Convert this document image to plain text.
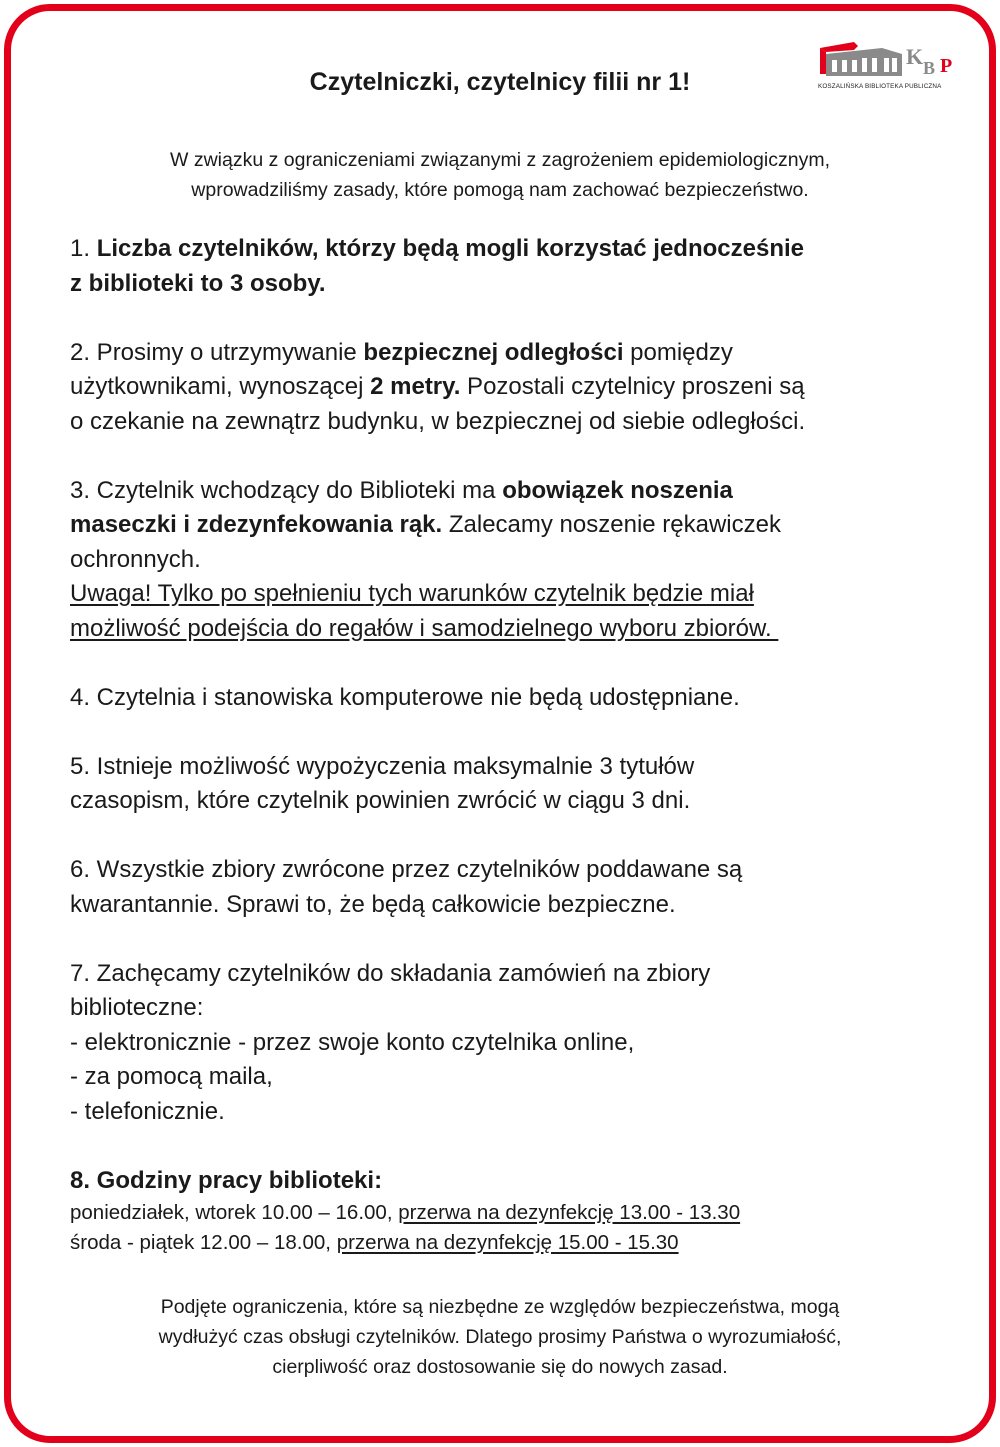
K B P
KOSZALIŃSKA BIBLIOTEKA PUBLICZNA
Czytelniczki, czytelnicy filii nr 1!
W związku z ograniczeniami związanymi z zagrożeniem epidemiologicznym,
wprowadziliśmy zasady, które pomogą nam zachować bezpieczeństwo.

1. Liczba czytelników, którzy będą mogli korzystać jednocześnie

z biblioteki to 3 osoby.

2. Prosimy o utrzymywanie bezpiecznej odległości pomiędzy

użytkownikami, wynoszącej 2 metry. Pozostali czytelnicy proszeni są

o czekanie na zewnątrz budynku, w bezpiecznej od siebie odległości.

3. Czytelnik wchodzący do Biblioteki ma obowiązek noszenia

maseczki i zdezynfekowania rąk. Zalecamy noszenie rękawiczek

ochronnych.

Uwaga! Tylko po spełnieniu tych warunków czytelnik będzie miał

możliwość podejścia do regałów i samodzielnego wyboru zbiorów.

4. Czytelnia i stanowiska komputerowe nie będą udostępniane.

5. Istnieje możliwość wypożyczenia maksymalnie 3 tytułów

czasopism, które czytelnik powinien zwrócić w ciągu 3 dni.

6. Wszystkie zbiory zwrócone przez czytelników poddawane są

kwarantannie. Sprawi to, że będą całkowicie bezpieczne.

7. Zachęcamy czytelników do składania zamówień na zbiory

biblioteczne:

- elektronicznie - przez swoje konto czytelnika online,

- za pomocą maila,

- telefonicznie.

8. Godziny pracy biblioteki:

poniedziałek, wtorek 10.00 – 16.00, przerwa na dezynfekcję 13.00 - 13.30

środa - piątek 12.00 – 18.00, przerwa na dezynfekcję 15.00 - 15.30

Podjęte ograniczenia, które są niezbędne ze względów bezpieczeństwa, mogą
wydłużyć czas obsługi czytelników. Dlatego prosimy Państwa o wyrozumiałość,
cierpliwość oraz dostosowanie się do nowych zasad.
